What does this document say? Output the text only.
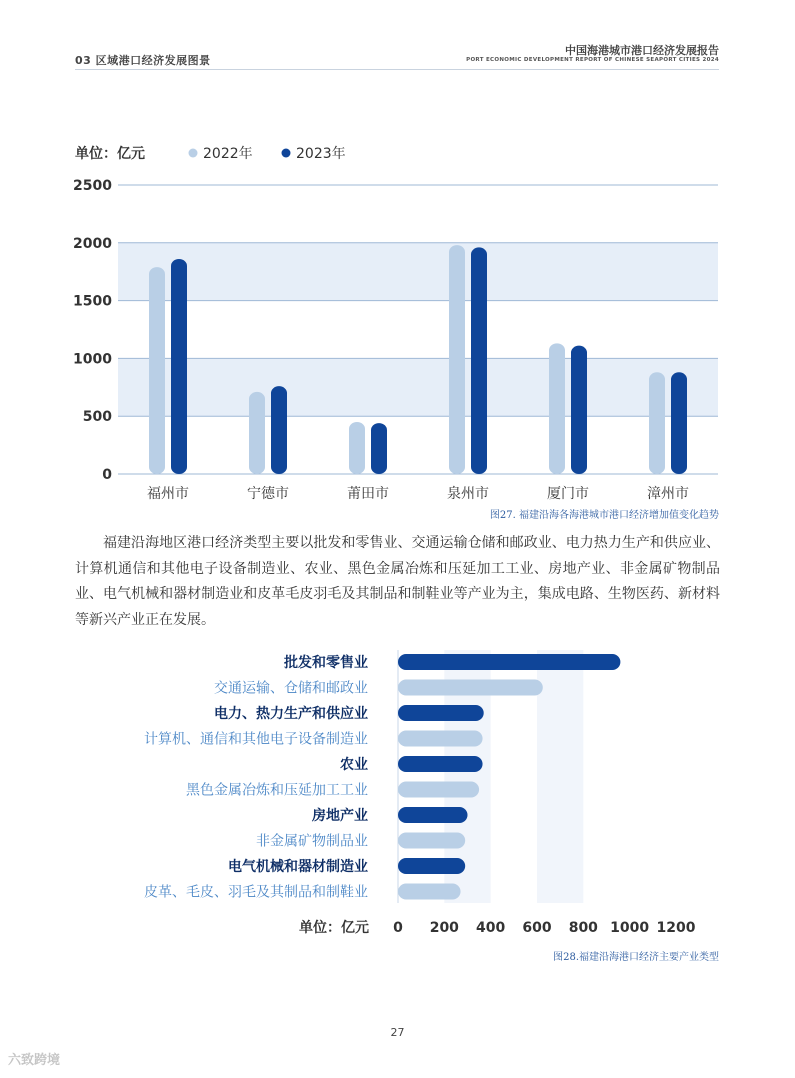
03 区域港口经济发展图景
中国海港城市港口经济发展报告
PORT ECONOMIC DEVELOPMENT REPORT OF CHINESE SEAPORT CITIES 2024
0
500
1000
1500
2000
2500
单位：亿元	2022年	2023年
福州市	宁德市	莆田市	泉州市	厦门市	漳州市
图27. 福建沿海各海港城市港口经济增加值变化趋势
福建沿海地区港口经济类型主要以批发和零售业、交通运输仓储和邮政业、电力热力生产和供应业、计算机通信和其他电子设备制造业、农业、黑色金属冶炼和压延加工工业、房地产业、非金属矿物制品业、电气机械和器材制造业和皮革毛皮羽毛及其制品和制鞋业等产业为主，集成电路、生物医药、新材料等新兴产业正在发展。
批发和零售业
交通运输、仓储和邮政业
电力、热力生产和供应业
计算机、通信和其他电子设备制造业
农业
黑色金属冶炼和压延加工工业
房地产业
非金属矿物制品业
电气机械和器材制造业
皮革、毛皮、羽毛及其制品和制鞋业
单位：亿元 0 200 400 600 800 1000 1200
图28.福建沿海港口经济主要产业类型
27
六致跨境
